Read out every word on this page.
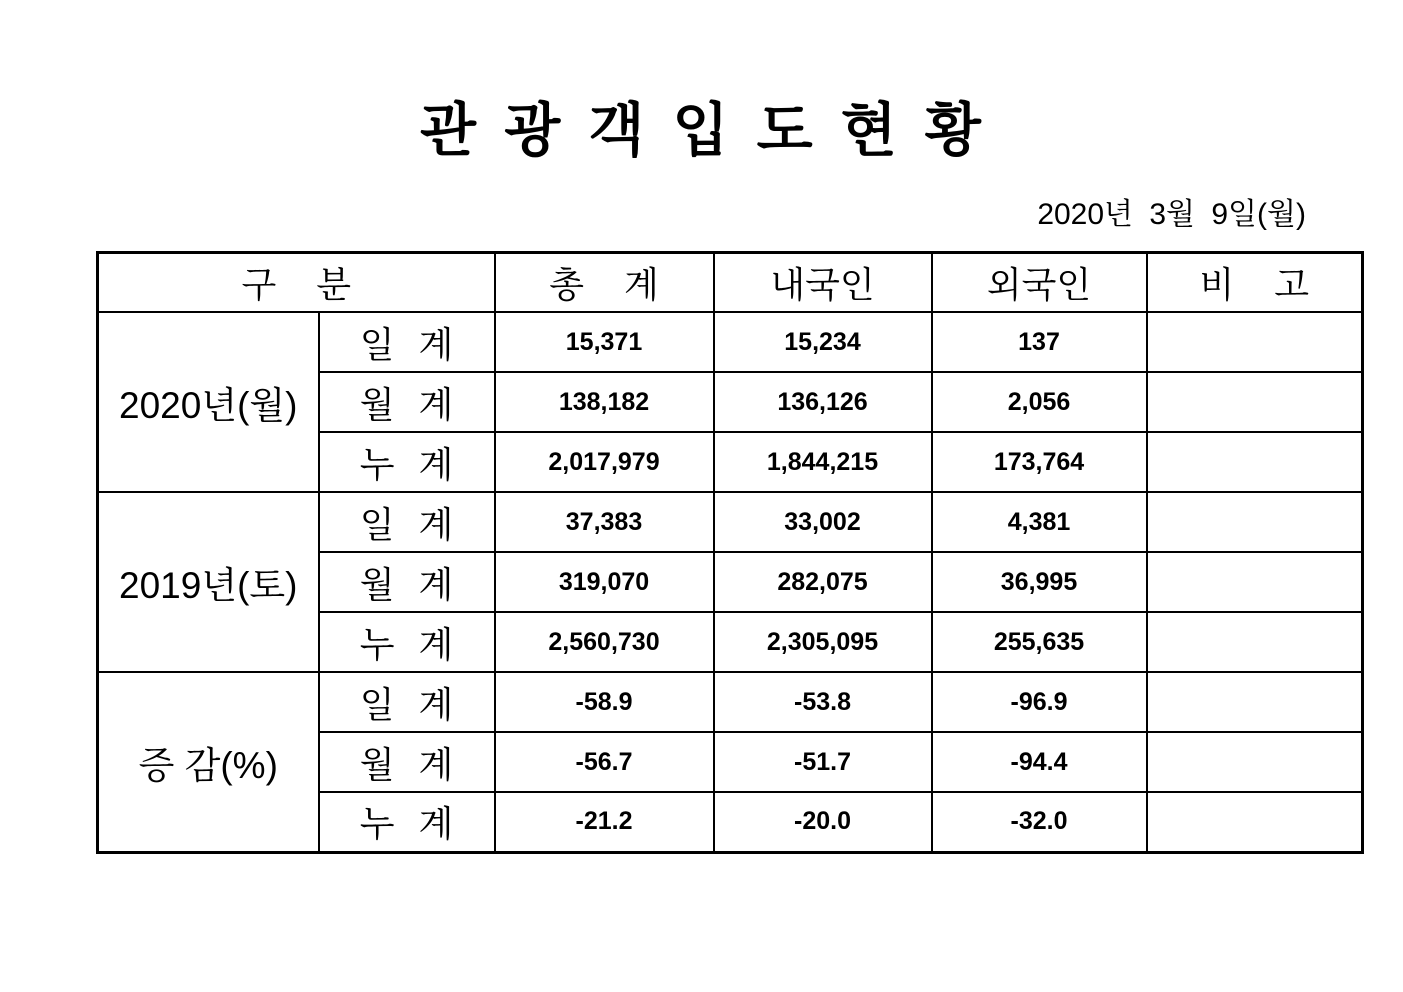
관 광 객 입 도 현 황
2020년 3월 9일(월)
구 분		총 계	내국인	외국인	비 고
2020년(월)	일 계	15,371	15,234	137	
	월 계	138,182	136,126	2,056	
	누 계	2,017,979	1,844,215	173,764	
2019년(토)	일 계	37,383	33,002	4,381	
	월 계	319,070	282,075	36,995	
	누 계	2,560,730	2,305,095	255,635	
증 감(%)	일 계	-58.9	-53.8	-96.9	
	월 계	-56.7	-51.7	-94.4	
	누 계	-21.2	-20.0	-32.0	
